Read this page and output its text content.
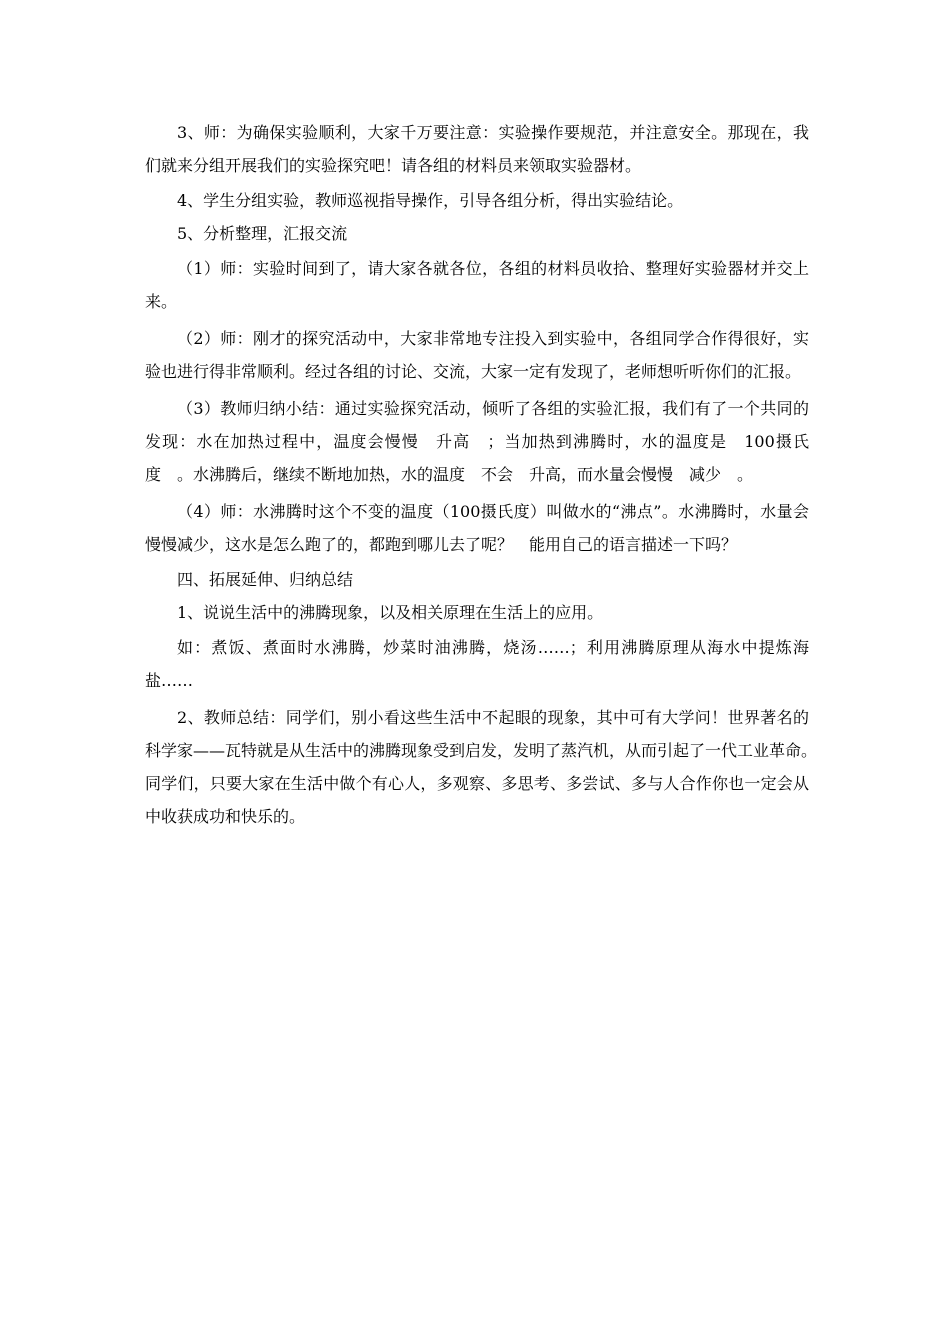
3、师：为确保实验顺利，大家千万要注意：实验操作要规范，并注意安全。那现在，我们就来分组开展我们的实验探究吧！请各组的材料员来领取实验器材。

4、学生分组实验，教师巡视指导操作，引导各组分析，得出实验结论。

5、分析整理，汇报交流

（1）师：实验时间到了，请大家各就各位，各组的材料员收拾、整理好实验器材并交上来。

（2）师：刚才的探究活动中，大家非常地专注投入到实验中，各组同学合作得很好，实验也进行得非常顺利。经过各组的讨论、交流，大家一定有发现了，老师想听听你们的汇报。

（3）教师归纳小结：通过实验探究活动，倾听了各组的实验汇报，我们有了一个共同的发现：水在加热过程中，温度会慢慢　升高　；当加热到沸腾时，水的温度是　100摄氏度　。水沸腾后，继续不断地加热，水的温度　不会　升高，而水量会慢慢　减少　。

（4）师：水沸腾时这个不变的温度（100摄氏度）叫做水的“沸点”。水沸腾时，水量会慢慢减少，这水是怎么跑了的，都跑到哪儿去了呢？　能用自己的语言描述一下吗？

四、拓展延伸、归纳总结

1、说说生活中的沸腾现象，以及相关原理在生活上的应用。

如：煮饭、煮面时水沸腾，炒菜时油沸腾，烧汤……；利用沸腾原理从海水中提炼海盐……

2、教师总结：同学们，别小看这些生活中不起眼的现象，其中可有大学问！世界著名的科学家——瓦特就是从生活中的沸腾现象受到启发，发明了蒸汽机，从而引起了一代工业革命。　同学们，只要大家在生活中做个有心人，多观察、多思考、多尝试、多与人合作你也一定会从中收获成功和快乐的。
